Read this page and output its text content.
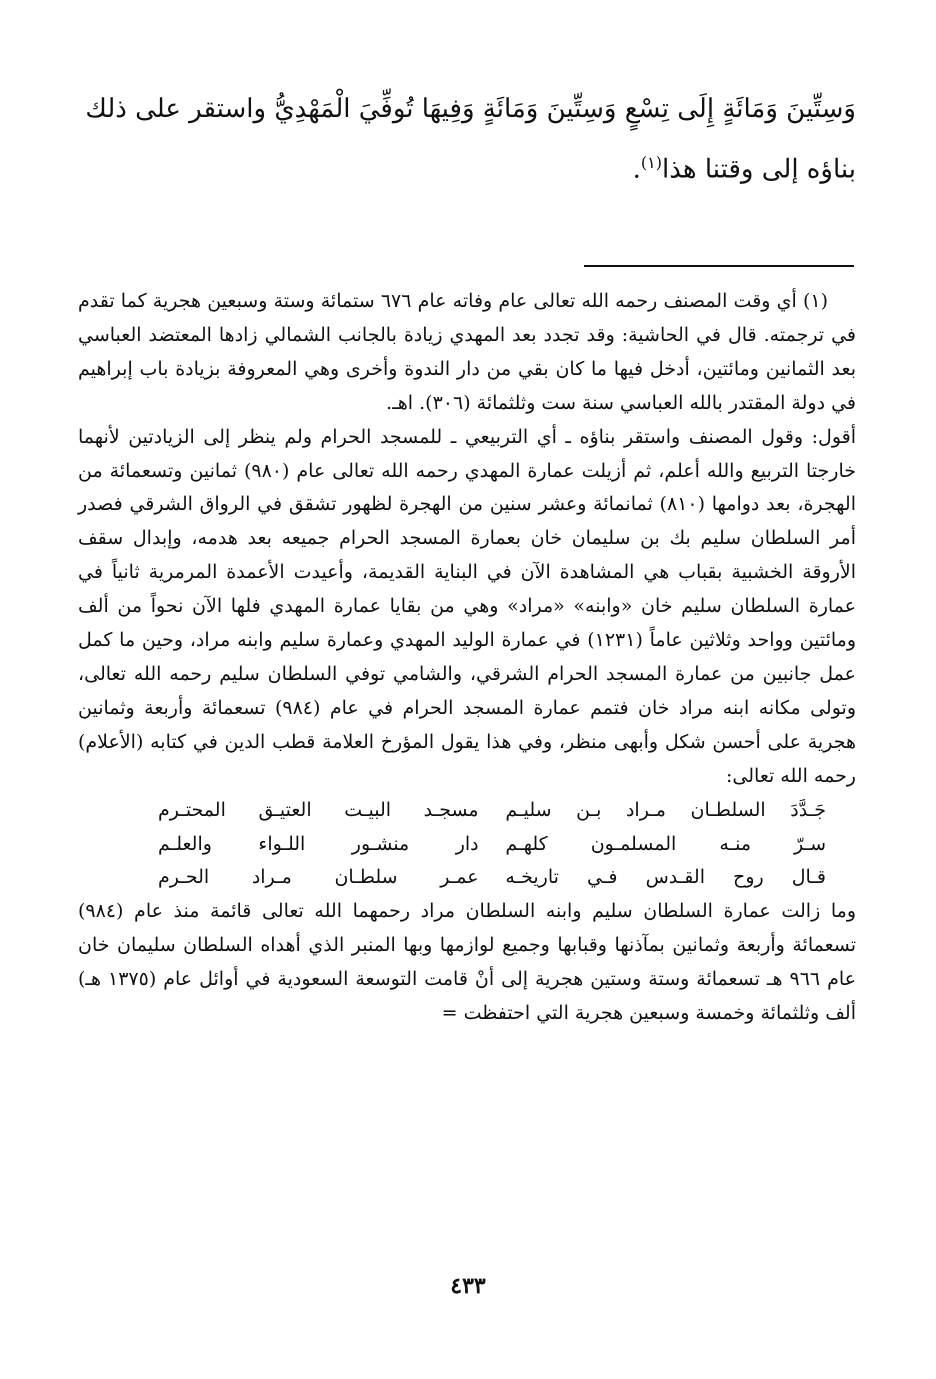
وَسِتِّينَ وَمَائَةٍ إِلَى تِسْعٍ وَسِتِّينَ وَمَائَةٍ وَفِيهَا تُوفِّيَ الْمَهْدِيُّ واستقر على ذلك

بناؤه إلى وقتنا هذا$^{(١)}$.

(١) أي وقت المصنف رحمه الله تعالى عام وفاته عام ٦٧٦ ستمائة وستة وسبعين هجرية كما تقدم في ترجمته. قال في الحاشية: وقد تجدد بعد المهدي زيادة بالجانب الشمالي زادها المعتضد العباسي بعد الثمانين ومائتين، أدخل فيها ما كان بقي من دار الندوة وأخرى وهي المعروفة بزيادة باب إبراهيم في دولة المقتدر بالله العباسي سنة ست وثلثمائة (٣٠٦). اهـ.

أقول: وقول المصنف واستقر بناؤه ـ أي التربيعي ـ للمسجد الحرام ولم ينظر إلى الزيادتين لأنهما خارجتا التربيع والله أعلم، ثم أزيلت عمارة المهدي رحمه الله تعالى عام (٩٨٠) ثمانين وتسعمائة من الهجرة، بعد دوامها (٨١٠) ثمانمائة وعشر سنين من الهجرة لظهور تشقق في الرواق الشرقي فصدر أمر السلطان سليم بك بن سليمان خان بعمارة المسجد الحرام جميعه بعد هدمه، وإبدال سقف الأروقة الخشبية بقباب هي المشاهدة الآن في البناية القديمة، وأعيدت الأعمدة المرمرية ثانياً في عمارة السلطان سليم خان «وابنه» «مراد» وهي من بقايا عمارة المهدي فلها الآن نحواً من ألف ومائتين وواحد وثلاثين عاماً (١٢٣١) في عمارة الوليد المهدي وعمارة سليم وابنه مراد، وحين ما كمل عمل جانبين من عمارة المسجد الحرام الشرقي، والشامي توفي السلطان سليم رحمه الله تعالى، وتولى مكانه ابنه مراد خان فتمم عمارة المسجد الحرام في عام (٩٨٤) تسعمائة وأربعة وثمانين هجرية على أحسن شكل وأبهى منظر، وفي هذا يقول المؤرخ العلامة قطب الدين في كتابه (الأعلام) رحمه الله تعالى:

جَـدَّدَ السلطـان مـراد بـن سليـم
مسجـد البيـت العتيـق المحتـرم
سـرّ منـه المسلمـون كلهـم
دار منشـور اللـواء والعلـم
قـال روح القـدس فـي تاريخـه
عمـر سلطـان مـراد الحـرم

وما زالت عمارة السلطان سليم وابنه السلطان مراد رحمهما الله تعالى قائمة منذ عام (٩٨٤) تسعمائة وأربعة وثمانين بمآذنها وقبابها وجميع لوازمها وبها المنبر الذي أهداه السلطان سليمان خان عام ٩٦٦ هـ تسعمائة وستة وستين هجرية إلى أنْ قامت التوسعة السعودية في أوائل عام (١٣٧٥ هـ) ألف وثلثمائة وخمسة وسبعين هجرية التي احتفظت=

٤٣٣
